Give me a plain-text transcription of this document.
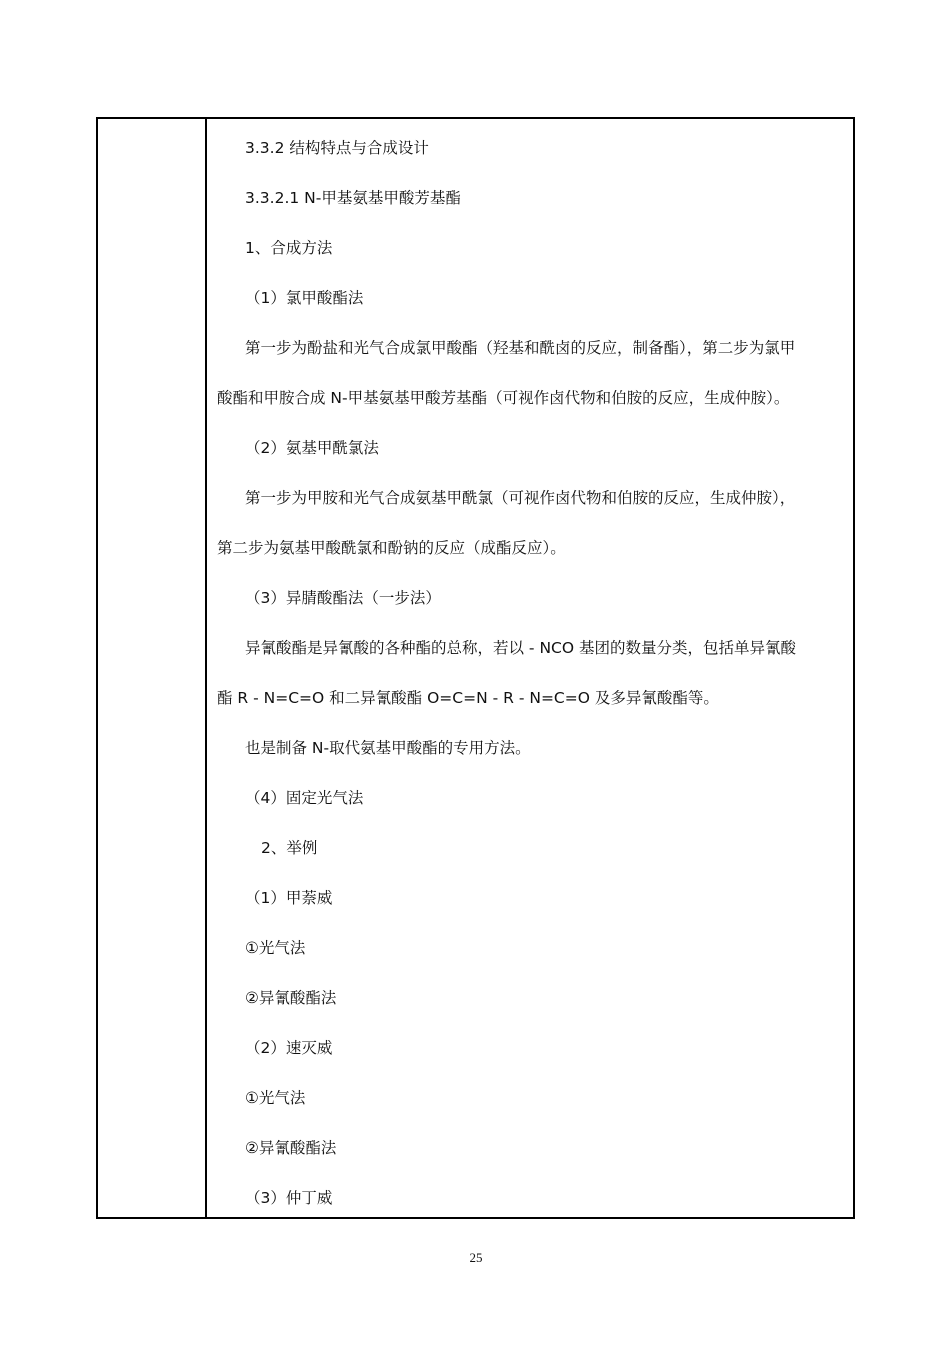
3.3.2 结构特点与合成设计
3.3.2.1 N-甲基氨基甲酸芳基酯
1、合成方法
（1）氯甲酸酯法
第一步为酚盐和光气合成氯甲酸酯（羟基和酰卤的反应，制备酯），第二步为氯甲
酸酯和甲胺合成 N-甲基氨基甲酸芳基酯（可视作卤代物和伯胺的反应，生成仲胺）。
（2）氨基甲酰氯法
第一步为甲胺和光气合成氨基甲酰氯（可视作卤代物和伯胺的反应，生成仲胺），
第二步为氨基甲酸酰氯和酚钠的反应（成酯反应）。
（3）异腈酸酯法（一步法）
异氰酸酯是异氰酸的各种酯的总称，若以 - NCO 基团的数量分类，包括单异氰酸
酯 R - N=C=O 和二异氰酸酯 O=C=N - R - N=C=O 及多异氰酸酯等。
也是制备 N-取代氨基甲酸酯的专用方法。
（4）固定光气法
2、举例
（1）甲萘威
①光气法
②异氰酸酯法
（2）速灭威
①光气法
②异氰酸酯法
（3）仲丁威
25
